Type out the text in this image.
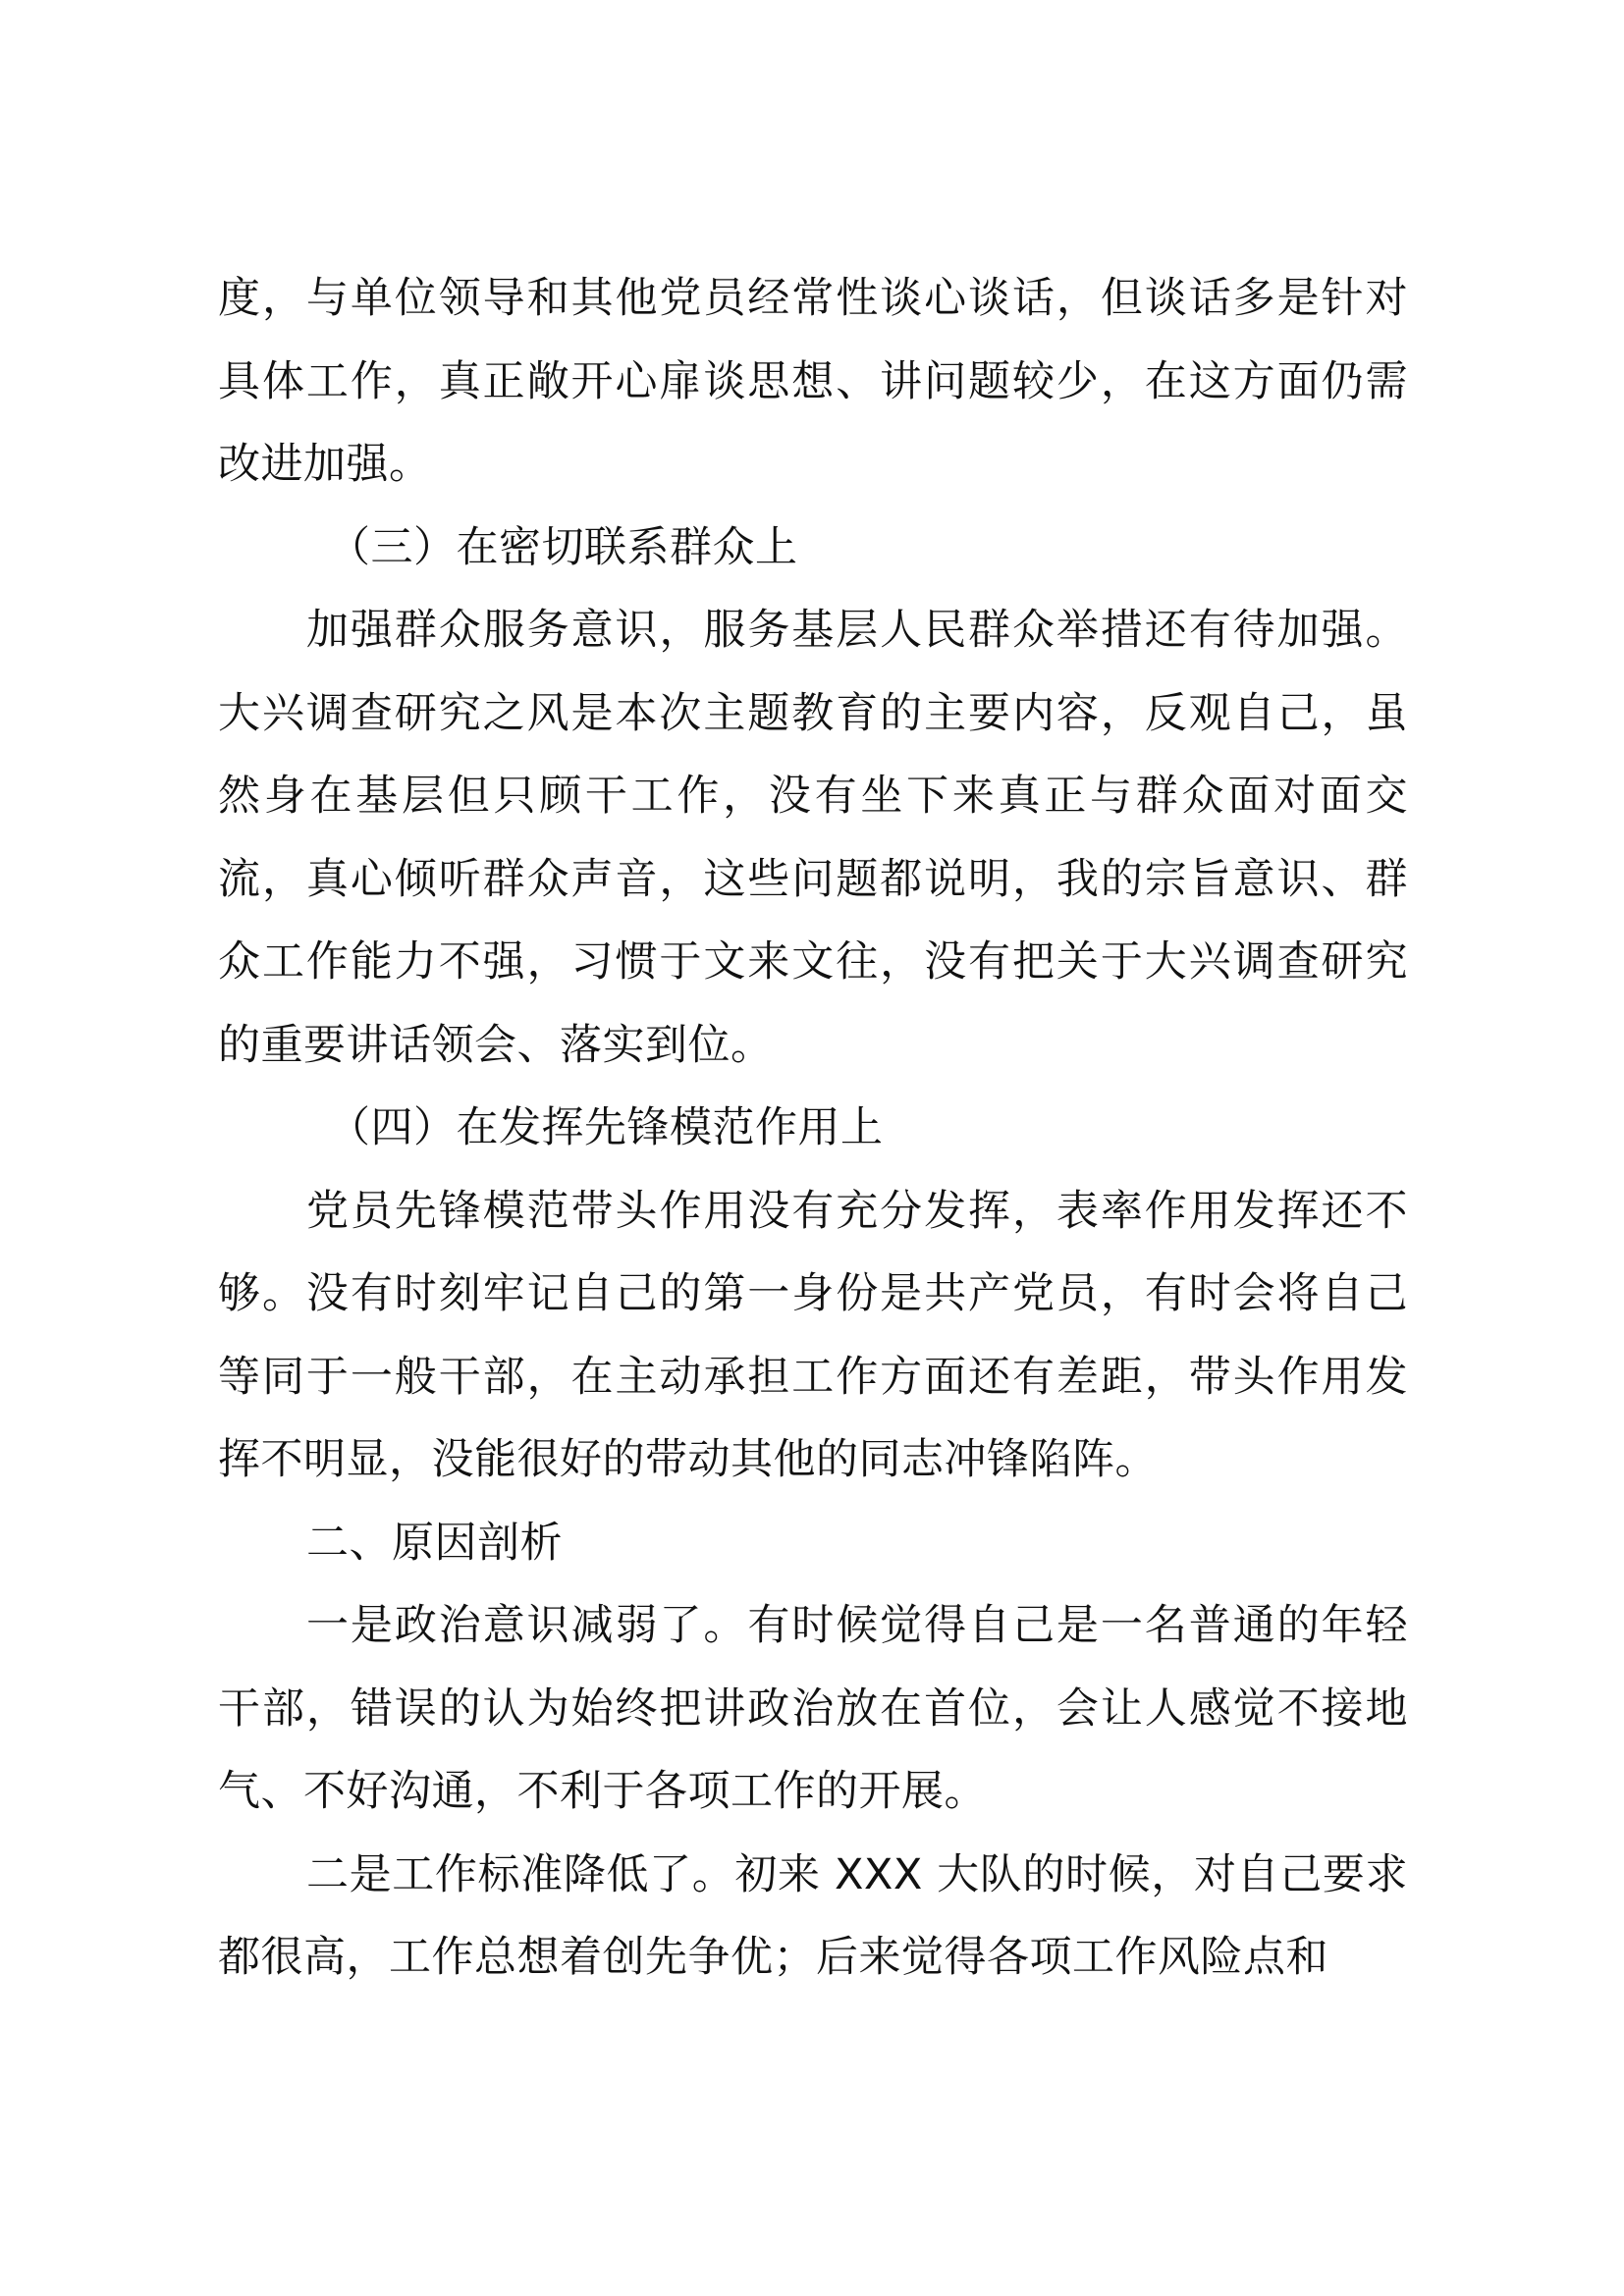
度，与单位领导和其他党员经常性谈心谈话，但谈话多是针对具体工作，真正敞开心扉谈思想、讲问题较少，在这方面仍需改进加强。

（三）在密切联系群众上

加强群众服务意识，服务基层人民群众举措还有待加强。大兴调查研究之风是本次主题教育的主要内容，反观自己，虽然身在基层但只顾干工作，没有坐下来真正与群众面对面交流，真心倾听群众声音，这些问题都说明，我的宗旨意识、群众工作能力不强，习惯于文来文往，没有把关于大兴调查研究的重要讲话领会、落实到位。

（四）在发挥先锋模范作用上

党员先锋模范带头作用没有充分发挥，表率作用发挥还不够。没有时刻牢记自己的第一身份是共产党员，有时会将自己等同于一般干部，在主动承担工作方面还有差距，带头作用发挥不明显，没能很好的带动其他的同志冲锋陷阵。

二、原因剖析

一是政治意识减弱了。有时候觉得自己是一名普通的年轻干部，错误的认为始终把讲政治放在首位，会让人感觉不接地气、不好沟通，不利于各项工作的开展。

二是工作标准降低了。初来 XXX 大队的时候，对自己要求都很高，工作总想着创先争优；后来觉得各项工作风险点和
